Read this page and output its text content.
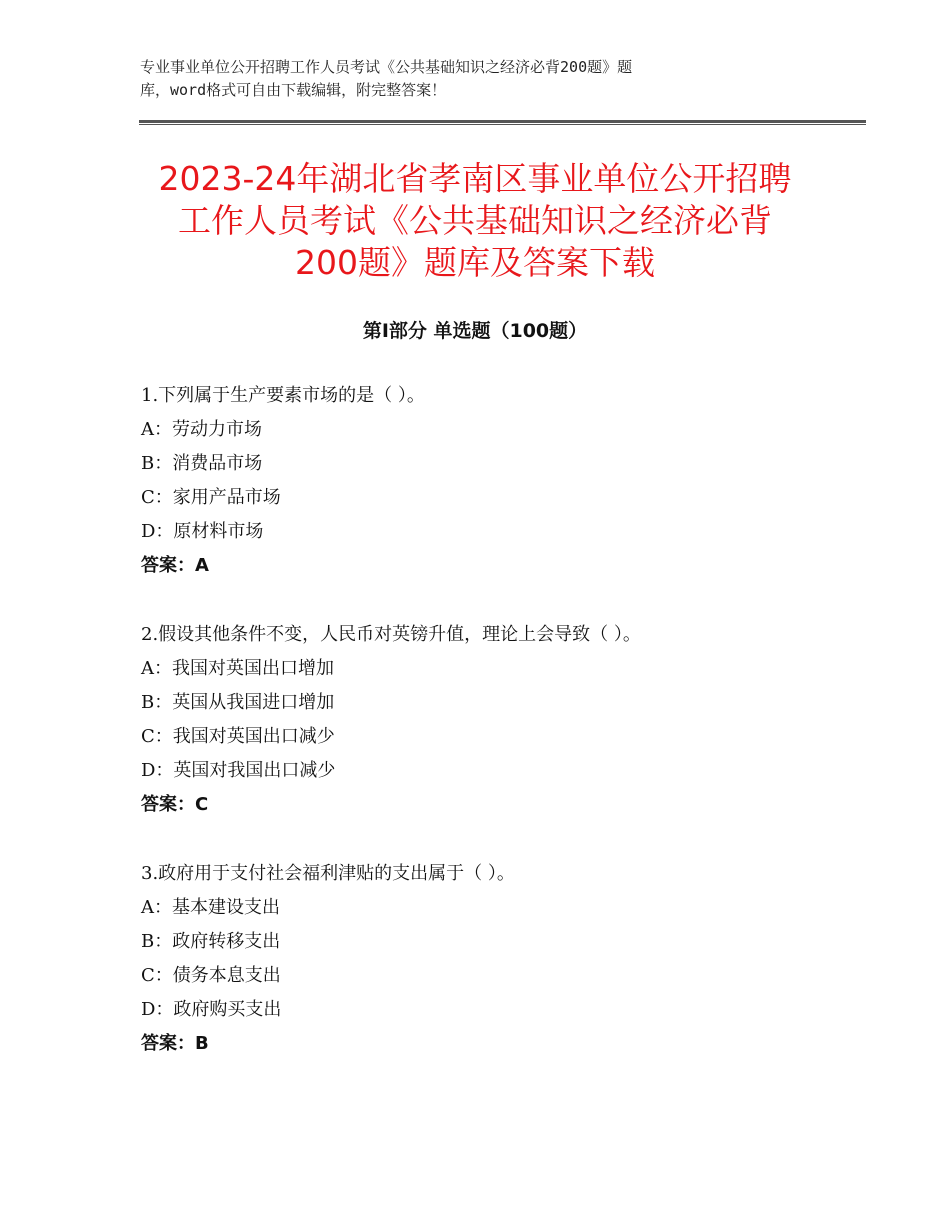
专业事业单位公开招聘工作人员考试《公共基础知识之经济必背200题》题
库，word格式可自由下载编辑，附完整答案！
2023-24年湖北省孝南区事业单位公开招聘
工作人员考试《公共基础知识之经济必背
200题》题库及答案下载
第Ⅰ部分 单选题（100题）
1.下列属于生产要素市场的是（ ）。
A：劳动力市场
B：消费品市场
C：家用产品市场
D：原材料市场
答案：A
2.假设其他条件不变，人民币对英镑升值，理论上会导致（ ）。
A：我国对英国出口增加
B：英国从我国进口增加
C：我国对英国出口减少
D：英国对我国出口减少
答案：C
3.政府用于支付社会福利津贴的支出属于（ ）。
A：基本建设支出
B：政府转移支出
C：债务本息支出
D：政府购买支出
答案：B
